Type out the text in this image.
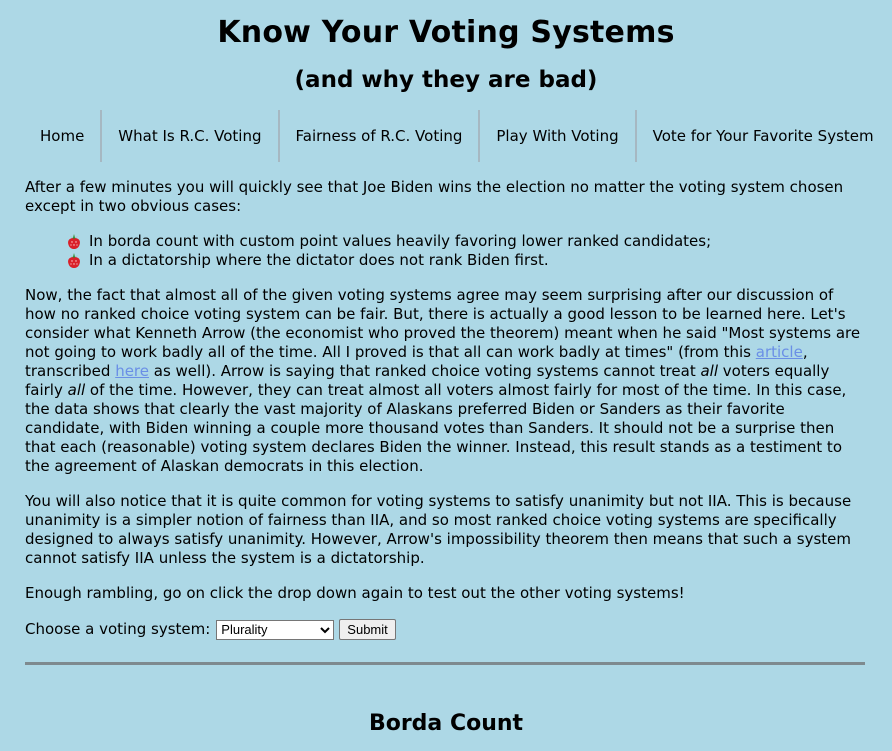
Know Your Voting Systems
(and why they are bad)
Home	What Is R.C. Voting	Fairness of R.C. Voting	Play With Voting	Vote for Your Favorite System

After a few minutes you will quickly see that Joe Biden wins the election no matter the voting system chosen except in two obvious cases:

In borda count with custom point values heavily favoring lower ranked candidates;
In a dictatorship where the dictator does not rank Biden first.

Now, the fact that almost all of the given voting systems agree may seem surprising after our discussion of how no ranked choice voting system can be fair. But, there is actually a good lesson to be learned here. Let's consider what Kenneth Arrow (the economist who proved the theorem) meant when he said "Most systems are not going to work badly all of the time. All I proved is that all can work badly at times" (from this article, transcribed here as well). Arrow is saying that ranked choice voting systems cannot treat all voters equally fairly all of the time. However, they can treat almost all voters almost fairly for most of the time. In this case, the data shows that clearly the vast majority of Alaskans preferred Biden or Sanders as their favorite candidate, with Biden winning a couple more thousand votes than Sanders. It should not be a surprise then that each (reasonable) voting system declares Biden the winner. Instead, this result stands as a testiment to the agreement of Alaskan democrats in this election.

You will also notice that it is quite common for voting systems to satisfy unanimity but not IIA. This is because unanimity is a simpler notion of fairness than IIA, and so most ranked choice voting systems are specifically designed to always satisfy unanimity. However, Arrow's impossibility theorem then means that such a system cannot satisfy IIA unless the system is a dictatorship.

Enough rambling, go on click the drop down again to test out the other voting systems!

Choose a voting system:
Plurality	Submit
Borda Count
